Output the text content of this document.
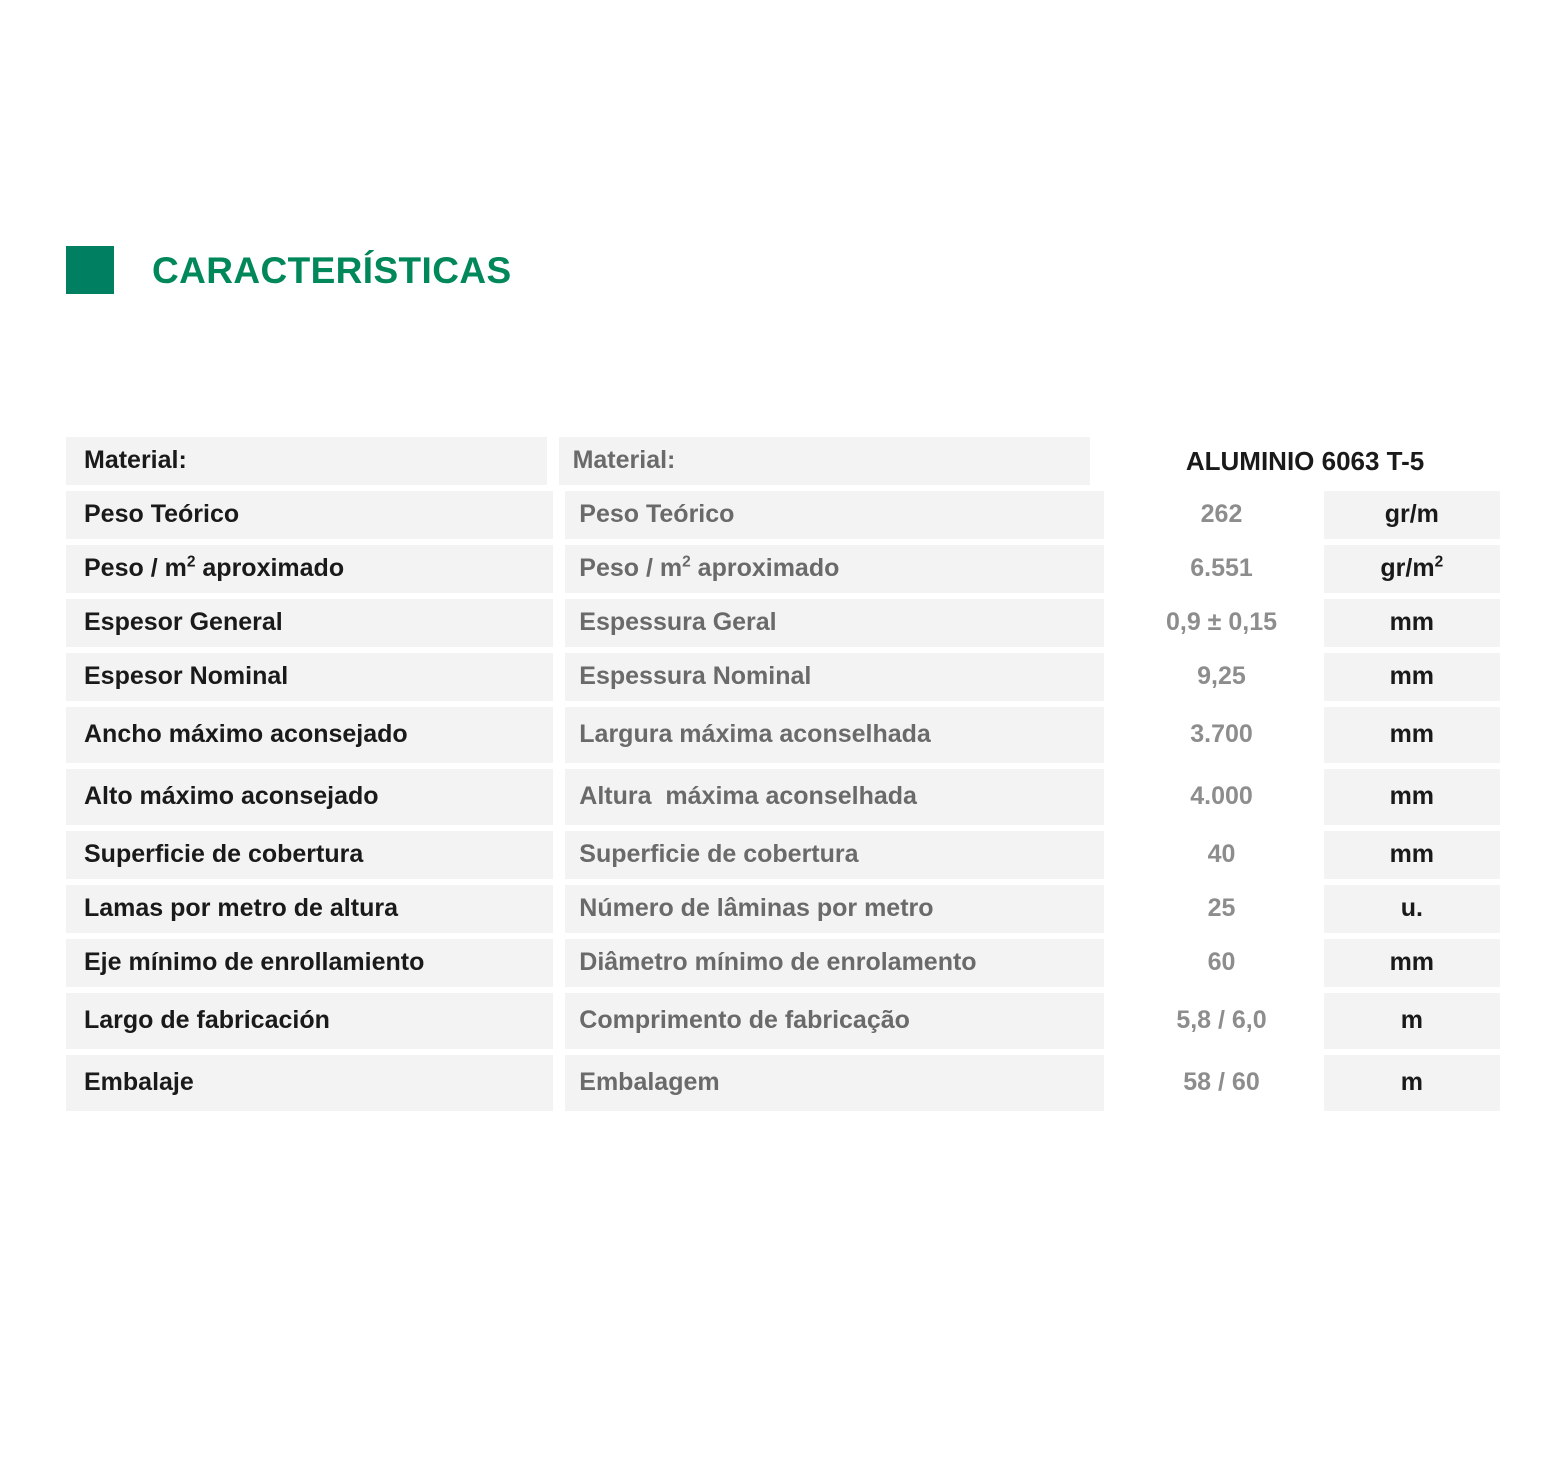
CARACTERÍSTICAS
Material:	Material:	ALUMINIO 6063 T-5
Peso Teórico	Peso Teórico	262	gr/m
Peso / $m^2$ aproximado	Peso / $m^2$ aproximado	6.551	$gr/m^2$
Espesor General	Espessura Geral	0,9 ± 0,15	mm
Espesor Nominal	Espessura Nominal	9,25	mm
Ancho máximo aconsejado	Largura máxima aconselhada	3.700	mm
Alto máximo aconsejado	Altura  máxima aconselhada	4.000	mm
Superficie de cobertura	Superficie de cobertura	40	mm
Lamas por metro de altura	Número de lâminas por metro	25	u.
Eje mínimo de enrollamiento	Diâmetro mínimo de enrolamento	60	mm
Largo de fabricación	Comprimento de fabricação	5,8 / 6,0	m
Embalaje	Embalagem	58 / 60	m
